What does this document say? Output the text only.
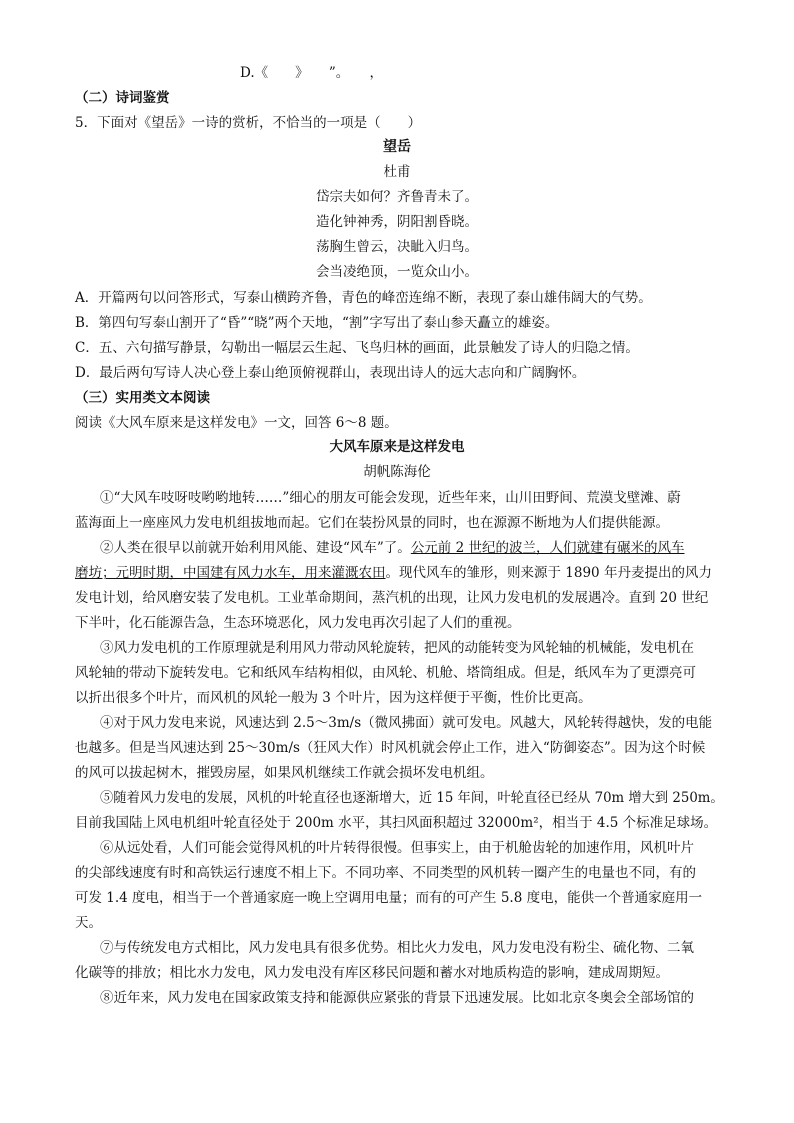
D.《　　》　　”。　　，
（二）诗词鉴赏
5．下面对《望岳》一诗的赏析，不恰当的一项是（　　）
望岳
杜甫
岱宗夫如何？齐鲁青未了。
造化钟神秀，阴阳割昏晓。
荡胸生曾云，决眦入归鸟。
会当凌绝顶，一览众山小。
A．开篇两句以问答形式，写泰山横跨齐鲁，青色的峰峦连绵不断，表现了泰山雄伟阔大的气势。
B．第四句写泰山割开了“昏”“晓”两个天地，“割”字写出了泰山参天矗立的雄姿。
C．五、六句描写静景，勾勒出一幅层云生起、飞鸟归林的画面，此景触发了诗人的归隐之情。
D．最后两句写诗人决心登上泰山绝顶俯视群山，表现出诗人的远大志向和广阔胸怀。
（三）实用类文本阅读
阅读《大风车原来是这样发电》一文，回答 6～8 题。
大风车原来是这样发电
胡帆陈海伦
①“大风车吱呀吱哟哟地转……”细心的朋友可能会发现，近些年来，山川田野间、荒漠戈壁滩、蔚
蓝海面上一座座风力发电机组拔地而起。它们在装扮风景的同时，也在源源不断地为人们提供能源。
②人类在很早以前就开始利用风能、建设“风车”了。公元前 2 世纪的波兰，人们就建有碾米的风车
磨坊；元明时期，中国建有风力水车，用来灌溉农田。现代风车的雏形，则来源于 1890 年丹麦提出的风力
发电计划，给风磨安装了发电机。工业革命期间，蒸汽机的出现，让风力发电机的发展遇冷。直到 20 世纪
下半叶，化石能源告急，生态环境恶化，风力发电再次引起了人们的重视。
③风力发电机的工作原理就是利用风力带动风轮旋转，把风的动能转变为风轮轴的机械能，发电机在
风轮轴的带动下旋转发电。它和纸风车结构相似，由风轮、机舱、塔筒组成。但是，纸风车为了更漂亮可
以折出很多个叶片，而风机的风轮一般为 3 个叶片，因为这样便于平衡，性价比更高。
④对于风力发电来说，风速达到 2.5～3m/s（微风拂面）就可发电。风越大，风轮转得越快，发的电能
也越多。但是当风速达到 25～30m/s（狂风大作）时风机就会停止工作，进入“防御姿态”。因为这个时候
的风可以拔起树木，摧毁房屋，如果风机继续工作就会损坏发电机组。
⑤随着风力发电的发展，风机的叶轮直径也逐渐增大，近 15 年间，叶轮直径已经从 70m 增大到 250m。
目前我国陆上风电机组叶轮直径处于 200m 水平，其扫风面积超过 32000m²，相当于 4.5 个标准足球场。
⑥从远处看，人们可能会觉得风机的叶片转得很慢。但事实上，由于机舱齿轮的加速作用，风机叶片
的尖部线速度有时和高铁运行速度不相上下。不同功率、不同类型的风机转一圈产生的电量也不同，有的
可发 1.4 度电，相当于一个普通家庭一晚上空调用电量；而有的可产生 5.8 度电，能供一个普通家庭用一
天。
⑦与传统发电方式相比，风力发电具有很多优势。相比火力发电，风力发电没有粉尘、硫化物、二氧
化碳等的排放；相比水力发电，风力发电没有库区移民问题和蓄水对地质构造的影响，建成周期短。
⑧近年来，风力发电在国家政策支持和能源供应紧张的背景下迅速发展。比如北京冬奥会全部场馆的
